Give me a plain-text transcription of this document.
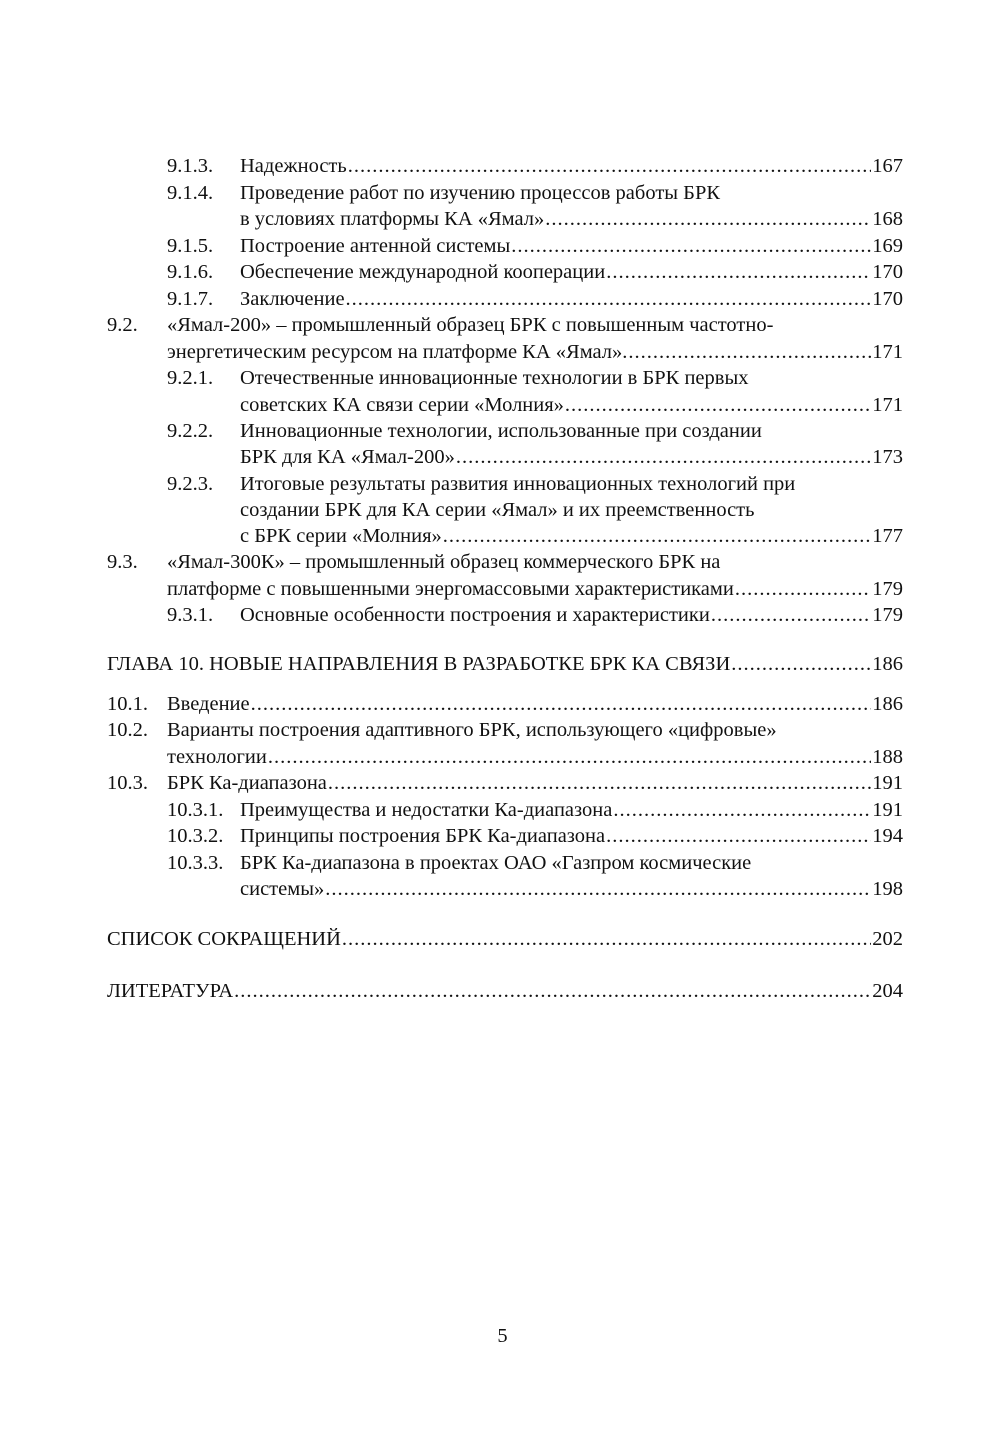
9.1.3. Надежность .....	167
9.1.4. Проведение работ по изучению процессов работы БРК
в условиях платформы КА «Ямал» .....	168
9.1.5. Построение антенной системы .....	169
9.1.6. Обеспечение международной кооперации .....	170
9.1.7. Заключение .....	170
9.2. «Ямал-200» – промышленный образец БРК с повышенным частотно-
энергетическим ресурсом на платформе КА «Ямал». .....	171
9.2.1. Отечественные инновационные технологии в БРК первых
советских КА связи серии «Молния» .....	171
9.2.2. Инновационные технологии, использованные при создании
БРК для КА «Ямал-200» .....	173
9.2.3. Итоговые результаты развития инновационных технологий при
создании БРК для КА серии «Ямал» и их преемственность
с БРК серии «Молния» .....	177
9.3. «Ямал-300К» – промышленный образец коммерческого БРК на
платформе с повышенными энергомассовыми характеристиками .....	179
9.3.1. Основные особенности построения и характеристики .....	179
ГЛАВА 10. НОВЫЕ НАПРАВЛЕНИЯ В РАЗРАБОТКЕ БРК КА СВЯЗИ .....	186
10.1. Введение .....	186
10.2. Варианты построения адаптивного БРК, использующего «цифровые»
технологии .....	188
10.3. БРК Ка-диапазона .....	191
10.3.1. Преимущества и недостатки Ка-диапазона .....	191
10.3.2. Принципы построения БРК Ка-диапазона .....	194
10.3.3. БРК Ка-диапазона в проектах ОАО «Газпром космические
системы» .....	198
СПИСОК СОКРАЩЕНИЙ .....	202
ЛИТЕРАТУРА .....	204
5
